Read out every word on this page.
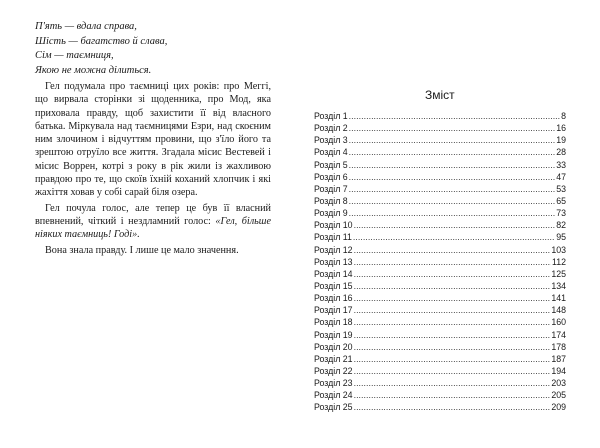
П'ять — вдала справа,
Шість — багатство й слава,
Сім — таємниця,
Якою не можна ділиться.

Гел подумала про таємниці цих років: про Меггі, що вирвала сторінки зі щоденника, про Мод, яка приховала правду, щоб захистити її від власного батька. Міркувала над таємницями Езри, над скоєним ним злочином і відчуттям провини, що з'їло його та зрештою отруїло все життя. Згадала місис Вестевей і місис Воррен, котрі з року в рік жили із жахливою правдою про те, що скоїв їхній коханий хлопчик і які жахіття ховав у собі сарай біля озера.

Гел почула голос, але тепер це був її власний впевнений, чіткий і нездламний голос: «Гел, більше ніяких таємниць! Годі».

Вона знала правду. І лише це мало значення.

Зміст
Розділ 1 . . .	8
Розділ 2 . . .	16
Розділ 3 . . .	19
Розділ 4 . . .	28
Розділ 5 . . .	33
Розділ 6 . . .	47
Розділ 7 . . .	53
Розділ 8 . . .	65
Розділ 9 . . .	73
Розділ 10 . . .	82
Розділ 11 . . .	95
Розділ 12 . . .	103
Розділ 13 . . .	112
Розділ 14 . . .	125
Розділ 15 . . .	134
Розділ 16 . . .	141
Розділ 17 . . .	148
Розділ 18 . . .	160
Розділ 19 . . .	174
Розділ 20 . . .	178
Розділ 21 . . .	187
Розділ 22 . . .	194
Розділ 23 . . .	203
Розділ 24 . . .	205
Розділ 25 . . .	209
